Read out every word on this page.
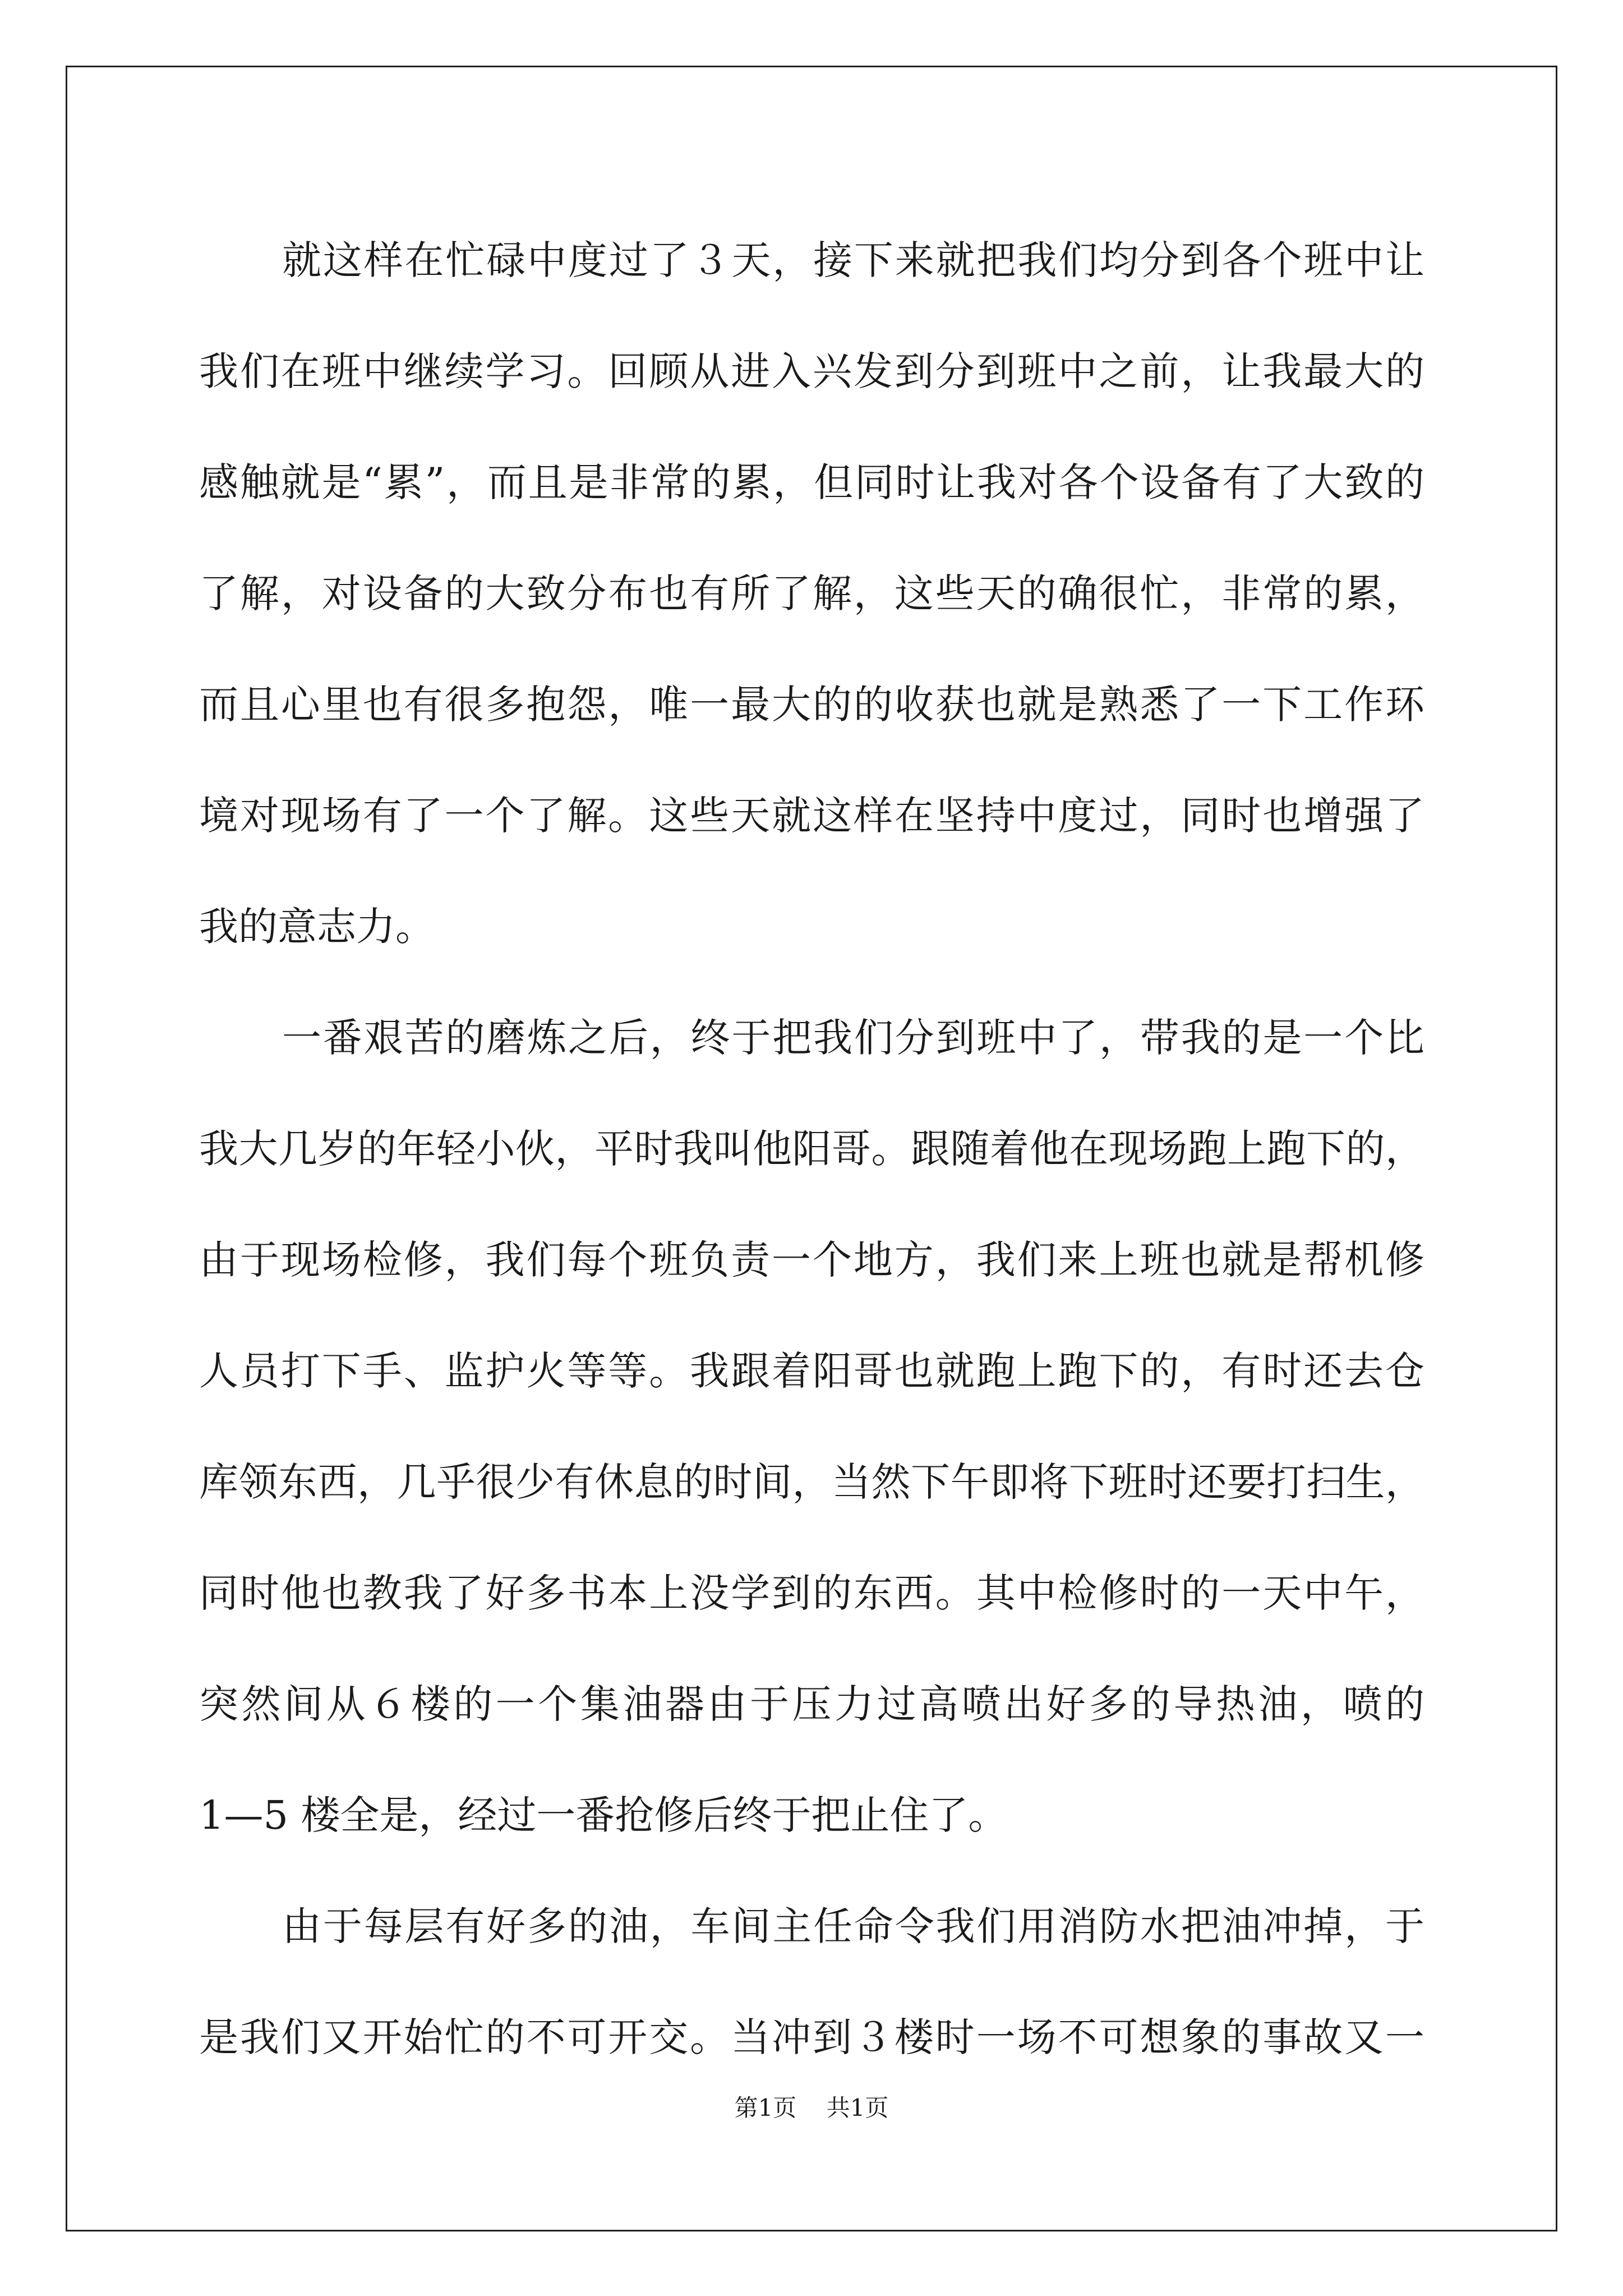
就这样在忙碌中度过了３天，接下来就把我们均分到各个班中让
我们在班中继续学习。回顾从进入兴发到分到班中之前，让我最大的
感触就是“累”，而且是非常的累，但同时让我对各个设备有了大致的
了解，对设备的大致分布也有所了解，这些天的确很忙，非常的累，
而且心里也有很多抱怨，唯一最大的的收获也就是熟悉了一下工作环
境对现场有了一个了解。这些天就这样在坚持中度过，同时也增强了
我的意志力。
一番艰苦的磨炼之后，终于把我们分到班中了，带我的是一个比
我大几岁的年轻小伙，平时我叫他阳哥。跟随着他在现场跑上跑下的，
由于现场检修，我们每个班负责一个地方，我们来上班也就是帮机修
人员打下手、监护火等等。我跟着阳哥也就跑上跑下的，有时还去仓
库领东西，几乎很少有休息的时间，当然下午即将下班时还要打扫生，
同时他也教我了好多书本上没学到的东西。其中检修时的一天中午，
突然间从６楼的一个集油器由于压力过高喷出好多的导热油，喷的
1—5 楼全是，经过一番抢修后终于把止住了。
由于每层有好多的油，车间主任命令我们用消防水把油冲掉，于
是我们又开始忙的不可开交。当冲到３楼时一场不可想象的事故又一
第1页 共1页
